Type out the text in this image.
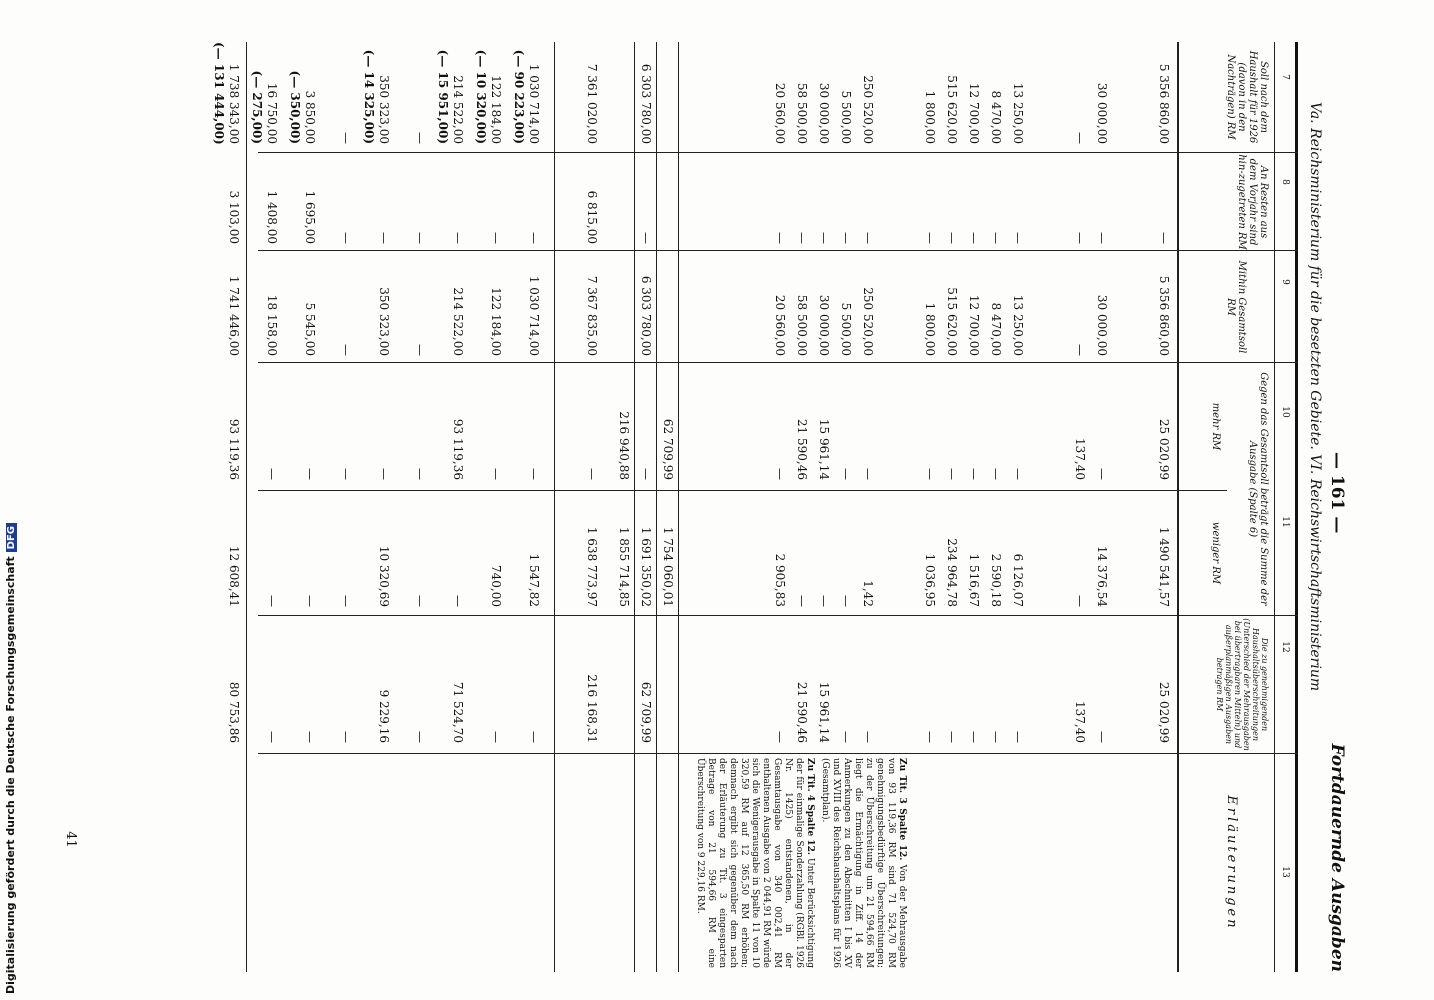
— 161 —
Fortdauernde Ausgaben
Va. Reichsministerium für die besetzten Gebiete. VI. Reichswirtschaftsministerium
7
8
9
10
11
12
13
Soll nach dem Haushalt für 1926 (davon in den Nachträgen) RM
An Resten aus dem Vorjahr sind hin-zugetreten RM
Mithin Gesamtsoll RM
Gegen das Gesamtsoll beträgt die Summe der Ausgabe (Spalte 6)
mehr RM
weniger RM
Die zu genehmigenden Haushaltsüberschreitungen (Unterschied der Mehrausgaben bei übertragbaren Mitteln) und außerplanmäßigen Ausgaben betragen RM
Erläuterungen
5 356 860,00
—
5 356 860,00
25 020,99
1 490 541,57
25 020,99
30 000,00
—
30 000,00
—
14 376,54
—
—
—
—
137,40
—
137,40
13 250,00
—
13 250,00
—
6 126,07
—
8 470,00
—
8 470,00
—
2 590,18
—
12 700,00
—
12 700,00
—
1 516,67
—
515 620,00
—
515 620,00
—
234 964,78
—
1 800,00
—
1 800,00
—
1 036,95
—
250 520,00
—
250 520,00
—
1,42
—
5 500,00
—
5 500,00
—
—
—
30 000,00
—
30 000,00
15 961,14
—
15 961,14
58 500,00
—
58 500,00
21 590,46
—
21 590,46
20 560,00
—
20 560,00
—
2 905,83
—
62 709,99
1 754 060,01
6 303 780,00
—
6 303 780,00
—
1 691 350,02
62 709,99
216 940,88
1 855 714,85
7 361 020,00
6 815,00
7 367 835,00
—
1 638 773,97
216 168,31
1 030 714,00
—
1 030 714,00
—
1 547,82
—
(— 90 223,00)
122 184,00
—
122 184,00
—
740,00
—
(— 10 320,00)
214 522,00
—
214 522,00
93 119,36
—
71 524,70
(— 15 951,00)
—
—
—
—
—
—
350 323,00
—
350 323,00
—
10 320,69
9 229,16
(— 14 325,00)
—
—
—
—
—
—
3 850,00
1 695,00
5 545,00
—
—
—
(— 350,00)
16 750,00
1 408,00
18 158,00
—
—
—
(— 275,00)
1 738 343,00
3 103,00
1 741 446,00
93 119,36
12 608,41
80 753,86
(— 131 444,00)

Zu Tit. 3 Spalte 12. Von der Mehrausgabe von 93 119,36 RM sind 71 524,70 RM genehmigungsbedürftige Überschreitungen; zu der Überschreitung um 21 594,66 RM liegt die Ermächtigung in Ziff. 14 der Anmerkungen zu den Abschnitten I bis XV und XVIII des Reichshaushaltsplans für 1926 (Gesamtplan).

Zu Tit. 4 Spalte 12. Unter Berücksichtigung der für einmalige Sonderzahlung (RGBl. 1926 Nr. 1425) entstandenen, in der Gesamtausgabe von 340 002,41 RM enthaltenen Ausgabe von 2 044,91 RM würde sich die Wenigerausgabe in Spalte 11 von 10 320,59 RM auf 12 365,50 RM erhöhen; demnach ergibt sich gegenüber dem nach der Erläuterung zu Tit. 3 eingesparten Betrage von 21 594,66 RM eine Überschreitung von 9 229,16 RM.

Digitalisierung gefördert durch die Deutsche ForschungsgemeinschaftDFG
41
